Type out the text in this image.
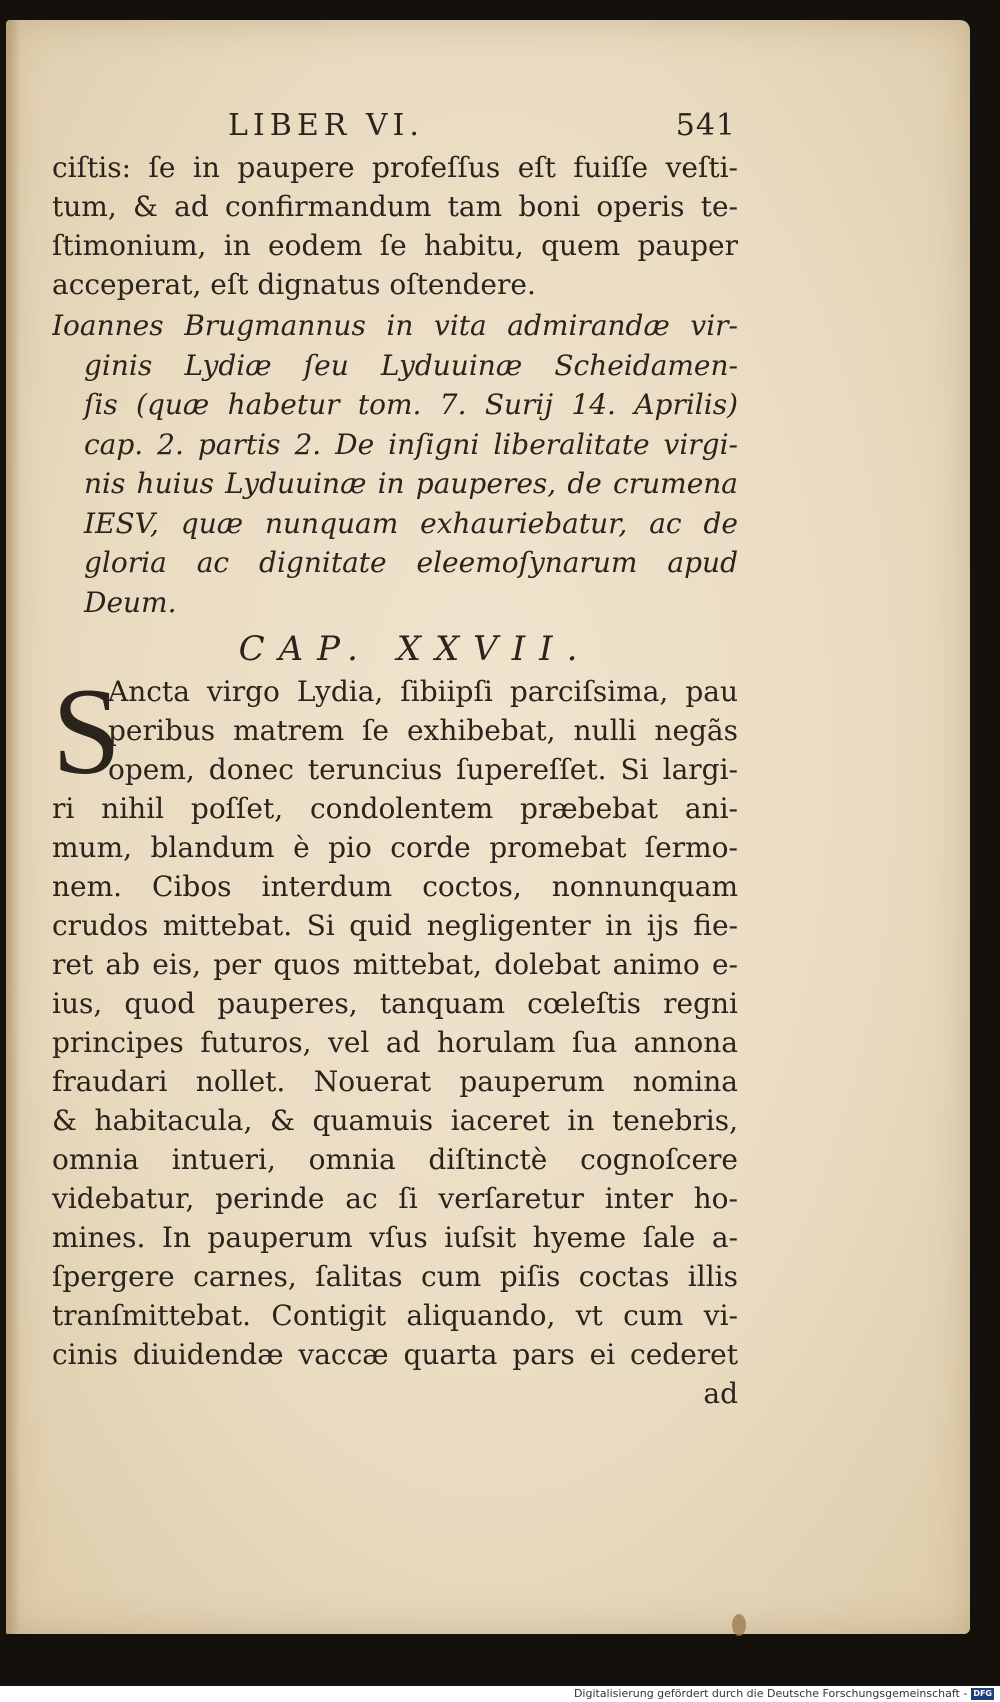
LIBER VI.	541
ciſtis: ſe in paupere profeſſus eſt fuiſſe veſti-
tum, & ad confirmandum tam boni operis te-
ſtimonium, in eodem ſe habitu, quem pauper
acceperat, eſt dignatus oſtendere.
Ioannes Brugmannus in vita admirandæ vir-
ginis Lydiæ ſeu Lyduuinæ Scheidamen-
ſis (quæ habetur tom. 7. Surij 14. Aprilis)
cap. 2. partis 2. De inſigni liberalitate virgi-
nis huius Lyduuinæ in pauperes, de crumena
IESV, quæ nunquam exhauriebatur, ac de
gloria ac dignitate eleemoſynarum apud
Deum.
CAP. XXVII.
S
Ancta virgo Lydia, ſibiipſi parciſsima, pau
peribus matrem ſe exhibebat, nulli negãs
opem, donec teruncius ſupereſſet. Si largi-
ri nihil poſſet, condolentem præbebat ani-
mum, blandum è pio corde promebat ſermo-
nem. Cibos interdum coctos, nonnunquam
crudos mittebat. Si quid negligenter in ijs fie-
ret ab eis, per quos mittebat, dolebat animo e-
ius, quod pauperes, tanquam cœleſtis regni
principes futuros, vel ad horulam ſua annona
fraudari nollet. Nouerat pauperum nomina
& habitacula, & quamuis iaceret in tenebris,
omnia intueri, omnia diſtinctè cognoſcere
videbatur, perinde ac ſi verſaretur inter ho-
mines. In pauperum vſus iuſsit hyeme ſale a-
ſpergere carnes, ſalitas cum piſis coctas illis
tranſmittebat. Contigit aliquando, vt cum vi-
cinis diuidendæ vaccæ quarta pars ei cederet
ad
Digitalisierung gefördert durch die Deutsche Forschungsgemeinschaft - DFG
